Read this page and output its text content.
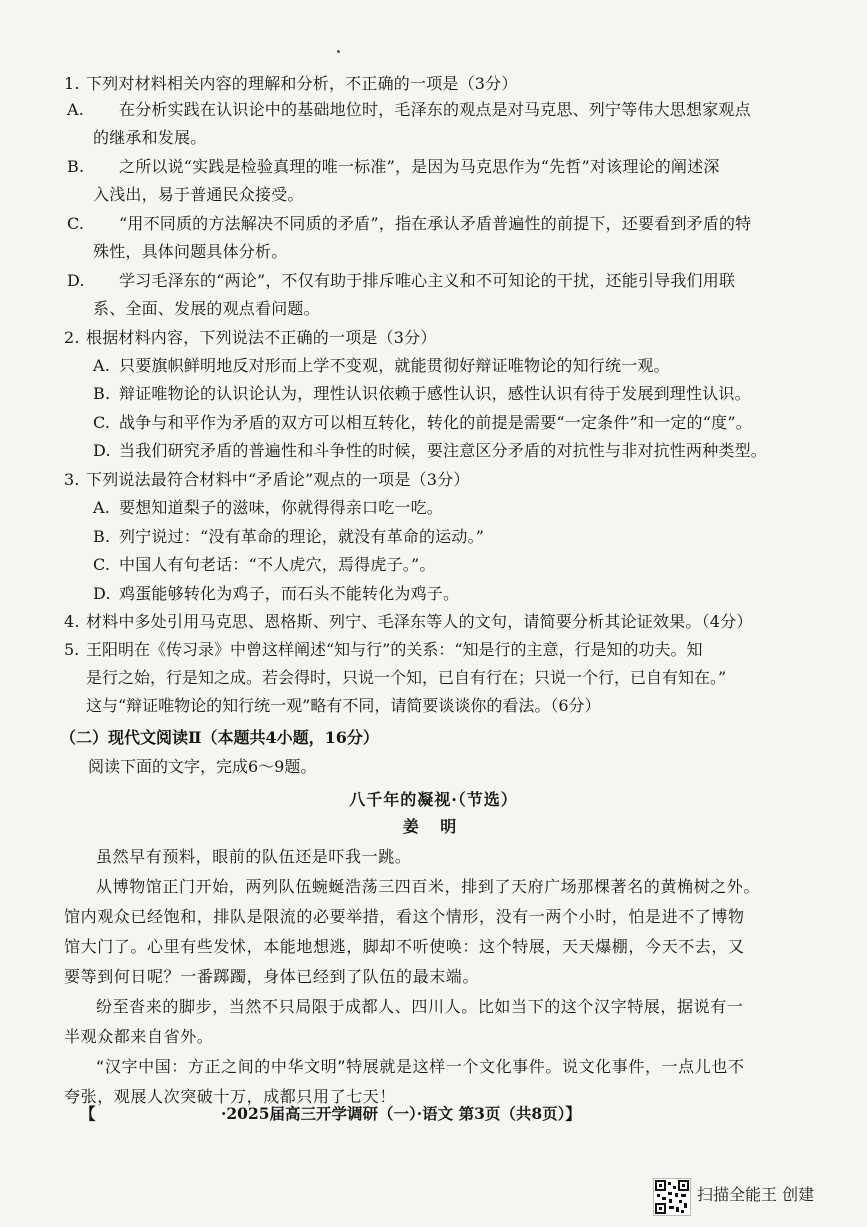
1. 下列对材料相关内容的理解和分析，不正确的一项是（3分）
A. 在分析实践在认识论中的基础地位时，毛泽东的观点是对马克思、列宁等伟大思想家观点
的继承和发展。
B. 之所以说“实践是检验真理的唯一标准”，是因为马克思作为“先哲”对该理论的阐述深
入浅出，易于普通民众接受。
C. “用不同质的方法解决不同质的矛盾”，指在承认矛盾普遍性的前提下，还要看到矛盾的特
殊性，具体问题具体分析。
D. 学习毛泽东的“两论”，不仅有助于排斥唯心主义和不可知论的干扰，还能引导我们用联
系、全面、发展的观点看问题。
2. 根据材料内容，下列说法不正确的一项是（3分）
A. 只要旗帜鲜明地反对形而上学不变观，就能贯彻好辩证唯物论的知行统一观。
B. 辩证唯物论的认识论认为，理性认识依赖于感性认识，感性认识有待于发展到理性认识。
C. 战争与和平作为矛盾的双方可以相互转化，转化的前提是需要“一定条件”和一定的“度”。
D. 当我们研究矛盾的普遍性和斗争性的时候，要注意区分矛盾的对抗性与非对抗性两种类型。
3. 下列说法最符合材料中“矛盾论”观点的一项是（3分）
A. 要想知道梨子的滋味，你就得得亲口吃一吃。
B. 列宁说过：“没有革命的理论，就没有革命的运动。”
C. 中国人有句老话：“不人虎穴，焉得虎子。”。
D. 鸡蛋能够转化为鸡子，而石头不能转化为鸡子。
4. 材料中多处引用马克思、恩格斯、列宁、毛泽东等人的文句，请简要分析其论证效果。（4分）
5. 王阳明在《传习录》中曾这样阐述“知与行”的关系：“知是行的主意，行是知的功夫。知
是行之始，行是知之成。若会得时，只说一个知，已自有行在；只说一个行，已自有知在。”
这与“辩证唯物论的知行统一观”略有不同，请简要谈谈你的看法。（6分）
（二）现代文阅读Ⅱ（本题共4小题，16分）
阅读下面的文字，完成6～9题。
八千年的凝视·（节选）
姜 明
虽然早有预料，眼前的队伍还是吓我一跳。
从博物馆正门开始，两列队伍蜿蜒浩荡三四百米，排到了天府广场那棵著名的黄桷树之外。
馆内观众已经饱和，排队是限流的必要举措，看这个情形，没有一两个小时，怕是进不了博物
馆大门了。心里有些发怵，本能地想逃，脚却不听使唤：这个特展，天天爆棚，今天不去，又
要等到何日呢？一番踯躅，身体已经到了队伍的最末端。
纷至沓来的脚步，当然不只局限于成都人、四川人。比如当下的这个汉字特展，据说有一
半观众都来自省外。
“汉字中国：方正之间的中华文明”特展就是这样一个文化事件。说文化事件，一点儿也不
夸张，观展人次突破十万，成都只用了七天！
【	·2025届高三开学调研（一）·语文 第3页（共8页）】
扫描全能王 创建
